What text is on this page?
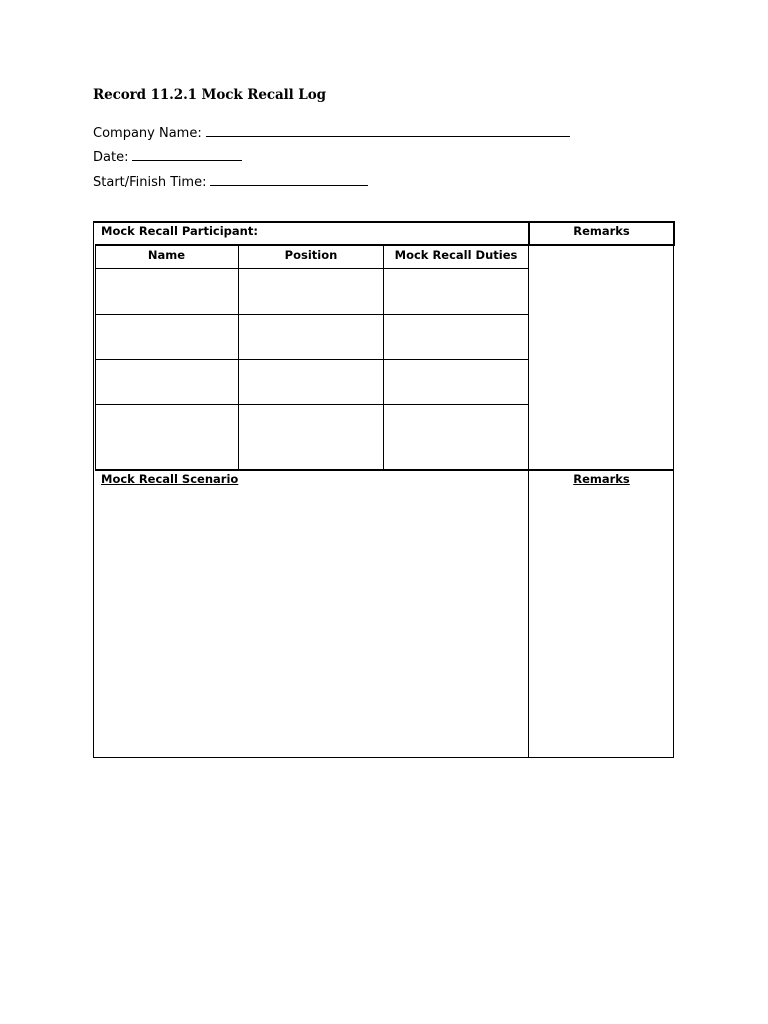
Record 11.2.1 Mock Recall Log
Company Name:
Date:
Start/Finish Time:
Mock Recall Participant:	Remarks
Name	Position	Mock Recall Duties
Mock Recall Scenario	Remarks
